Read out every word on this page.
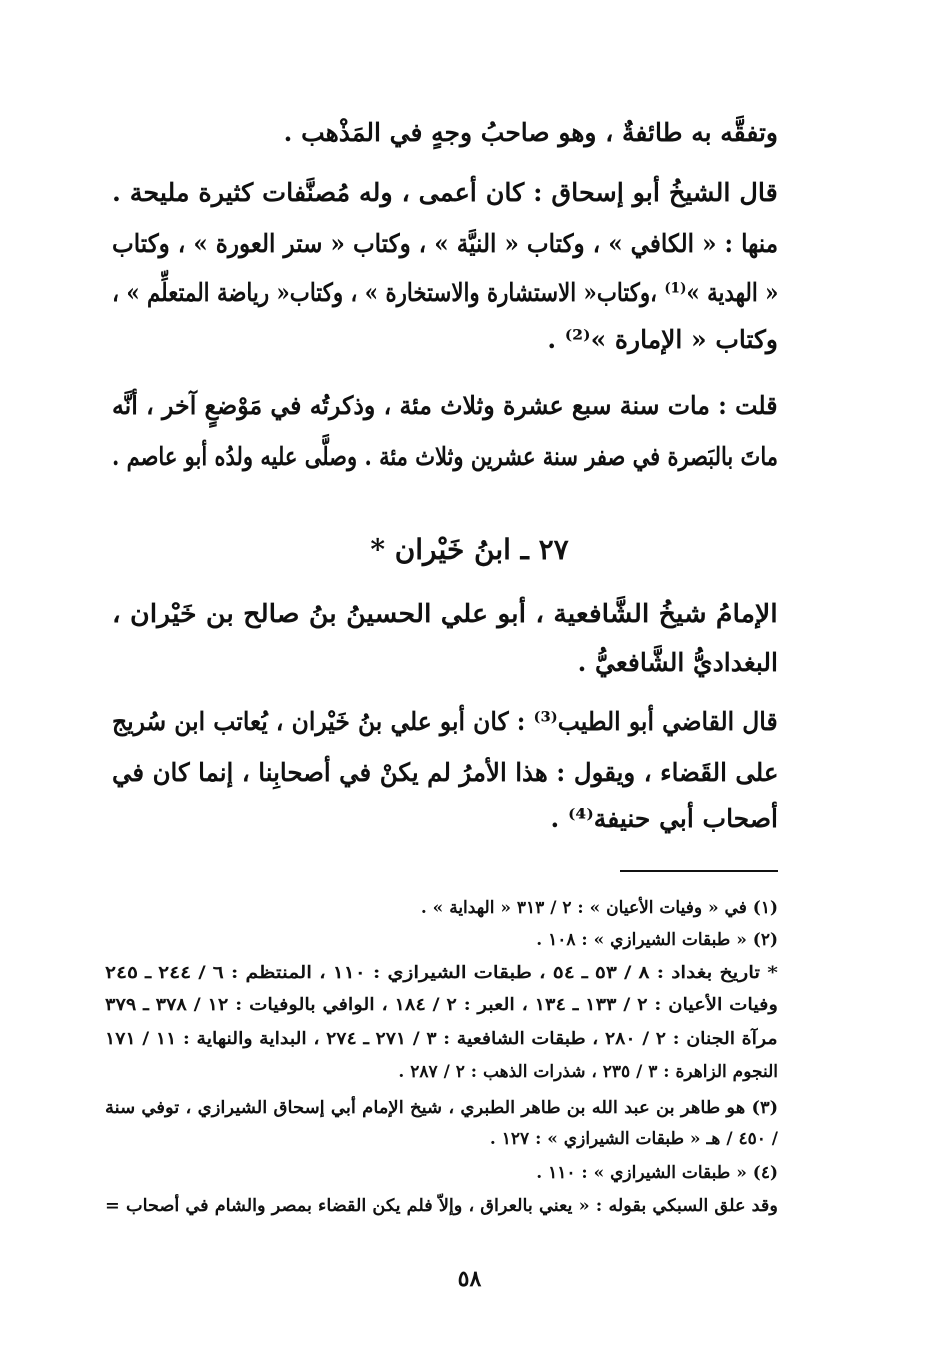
وتفقَّه به طائفةٌ ، وهو صاحبُ وجهٍ في المَذْهب .
قال الشيخُ أبو إسحاق : كان أعمى ، وله مُصنَّفات كثيرة مليحة .
منها : « الكافي » ، وكتاب « النيَّة » ، وكتاب « ستر العورة » ، وكتاب
« الهدية »⁽¹⁾ ،وكتاب« الاستشارة والاستخارة » ، وكتاب« رياضة المتعلِّم » ،
وكتاب « الإمارة »⁽²⁾ .
قلت : مات سنة سبع عشرة وثلاث مئة ، وذكرتُه في مَوْضعٍ آخر ، أنَّه
ماتَ بالبَصرة في صفر سنة عشرين وثلاث مئة . وصلَّى عليه ولدُه أبو عاصم .
٢٧ ـ ابنُ خَيْران *
الإمامُ شيخُ الشَّافعية ، أبو علي الحسينُ بنُ صالح بن خَيْران ،
البغداديُّ الشَّافعيُّ .
قال القاضي أبو الطيب⁽³⁾ : كان أبو علي بنُ خَيْران ، يُعاتب ابن سُريج
على القَضاء ، ويقول : هذا الأمرُ لم يكنْ في أصحابِنا ، إنما كان في
أصحاب أبي حنيفة⁽⁴⁾ .
(١) في « وفيات الأعيان » : ٢ / ٣١٣ « الهداية » .
(٢) « طبقات الشيرازي » : ١٠٨ .
* تاريخ بغداد : ٨ / ٥٣ ـ ٥٤ ، طبقات الشيرازي : ١١٠ ، المنتظم : ٦ / ٢٤٤ ـ ٢٤٥
وفيات الأعيان : ٢ / ١٣٣ ـ ١٣٤ ، العبر : ٢ / ١٨٤ ، الوافي بالوفيات : ١٢ / ٣٧٨ ـ ٣٧٩
مرآة الجنان : ٢ / ٢٨٠ ، طبقات الشافعية : ٣ / ٢٧١ ـ ٢٧٤ ، البداية والنهاية : ١١ / ١٧١
النجوم الزاهرة : ٣ / ٢٣٥ ، شذرات الذهب : ٢ / ٢٨٧ .
(٣) هو طاهر بن عبد الله بن طاهر الطبري ، شيخ الإمام أبي إسحاق الشيرازي ، توفي سنة
/ ٤٥٠ / هـ « طبقات الشيرازي » : ١٢٧ .
(٤) « طبقات الشيرازي » : ١١٠ .
وقد علق السبكي بقوله : « يعني بالعراق ، وإلاّ فلم يكن القضاء بمصر والشام في أصحاب =
٥٨
